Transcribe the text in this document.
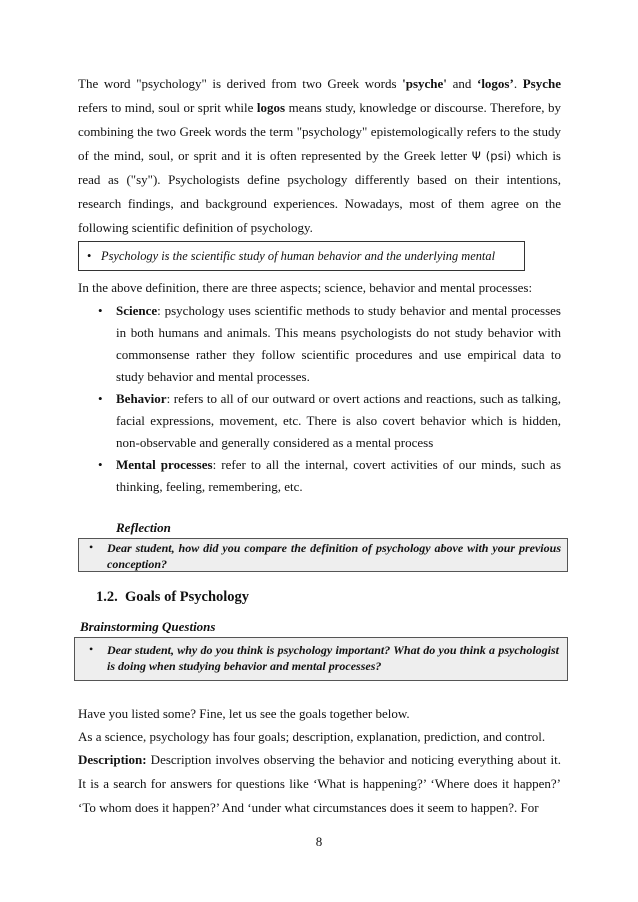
The word "psychology" is derived from two Greek words 'psyche' and ‘logos’. Psyche refers to mind, soul or sprit while logos means study, knowledge or discourse. Therefore, by combining the two Greek words the term "psychology" epistemologically refers to the study of the mind, soul, or sprit and it is often represented by the Greek letter Ψ (psi) which is read as ("sy"). Psychologists define psychology differently based on their intentions, research findings, and background experiences. Nowadays, most of them agree on the following scientific definition of psychology.

• Psychology is the scientific study of human behavior and the underlying mental

In the above definition, there are three aspects; science, behavior and mental processes:

• Science: psychology uses scientific methods to study behavior and mental processes in both humans and animals. This means psychologists do not study behavior with commonsense rather they follow scientific procedures and use empirical data to study behavior and mental processes.
• Behavior: refers to all of our outward or overt actions and reactions, such as talking, facial expressions, movement, etc. There is also covert behavior which is hidden, non-observable and generally considered as a mental process
• Mental processes: refer to all the internal, covert activities of our minds, such as thinking, feeling, remembering, etc.
Reflection
• Dear student, how did you compare the definition of psychology above with your previous conception?
1.2. Goals of Psychology
Brainstorming Questions
• Dear student, why do you think is psychology important? What do you think a psychologist is doing when studying behavior and mental processes?

Have you listed some? Fine, let us see the goals together below.

As a science, psychology has four goals; description, explanation, prediction, and control.

Description: Description involves observing the behavior and noticing everything about it. It is a search for answers for questions like ‘What is happening?’ ‘Where does it happen?’ ‘To whom does it happen?’ And ‘under what circumstances does it seem to happen?. For

8
